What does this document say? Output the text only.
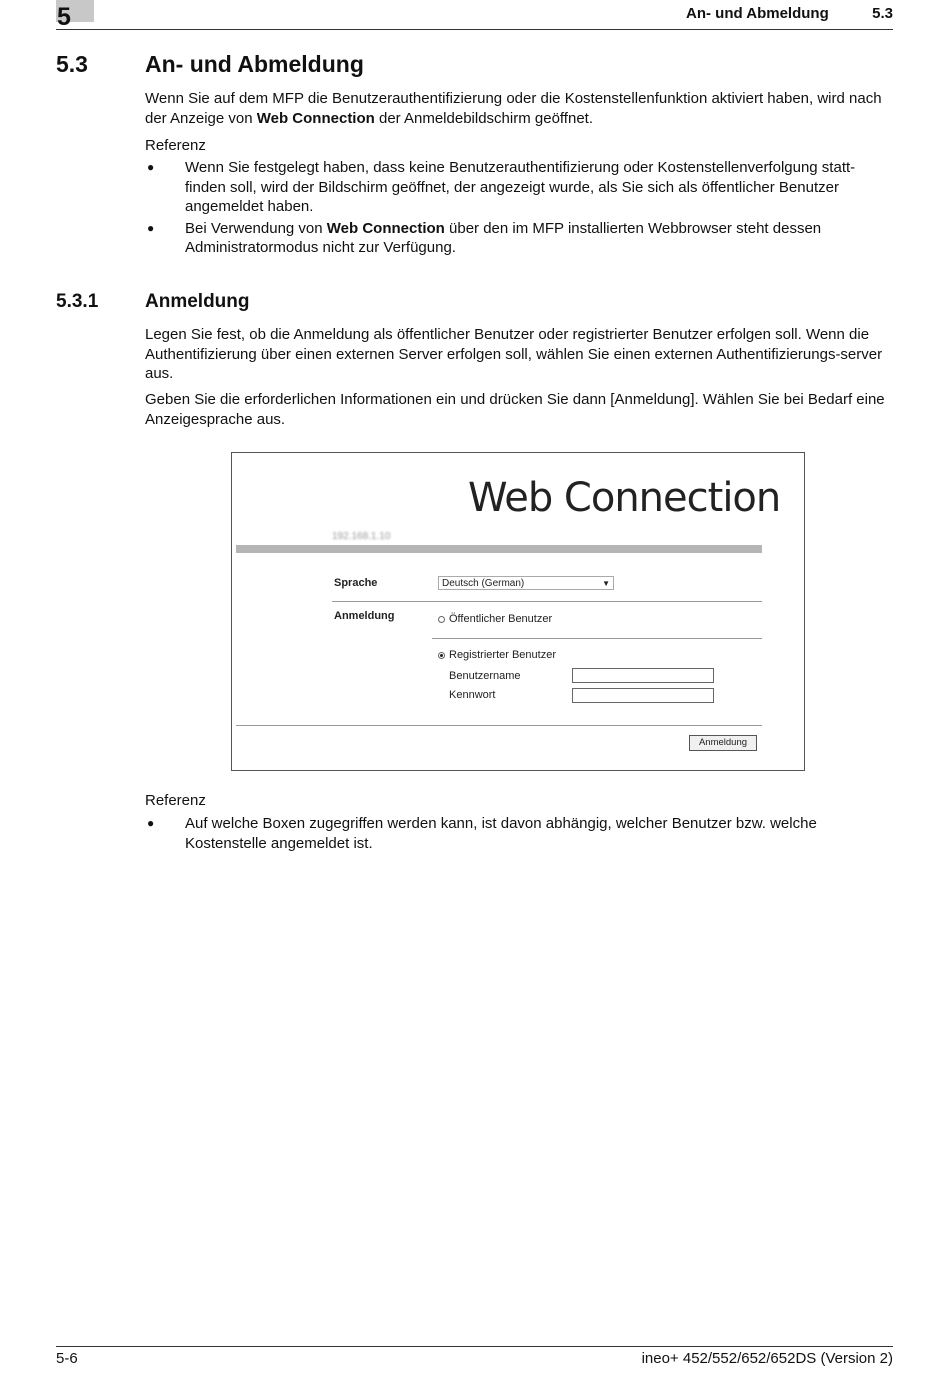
5	An- und Abmeldung	5.3
5.3 An- und Abmeldung
Wenn Sie auf dem MFP die Benutzerauthentifizierung oder die Kostenstellenfunktion aktiviert haben, wird nach der Anzeige von Web Connection der Anmeldebildschirm geöffnet.
Referenz
● Wenn Sie festgelegt haben, dass keine Benutzerauthentifizierung oder Kostenstellenverfolgung statt-finden soll, wird der Bildschirm geöffnet, der angezeigt wurde, als Sie sich als öffentlicher Benutzer angemeldet haben.
● Bei Verwendung von Web Connection über den im MFP installierten Webbrowser steht dessen Administratormodus nicht zur Verfügung.
5.3.1 Anmeldung
Legen Sie fest, ob die Anmeldung als öffentlicher Benutzer oder registrierter Benutzer erfolgen soll. Wenn die Authentifizierung über einen externen Server erfolgen soll, wählen Sie einen externen Authentifizierungs-server aus.
Geben Sie die erforderlichen Informationen ein und drücken Sie dann [Anmeldung]. Wählen Sie bei Bedarf eine Anzeigesprache aus.
Web Connection
192.168.1.10
Sprache	Deutsch (German)	▼
Anmeldung	Öffentlicher Benutzer
Registrierter Benutzer
Benutzername
Kennwort
Anmeldung
Referenz
● Auf welche Boxen zugegriffen werden kann, ist davon abhängig, welcher Benutzer bzw. welche Kostenstelle angemeldet ist.
5-6	ineo+ 452/552/652/652DS (Version 2)
